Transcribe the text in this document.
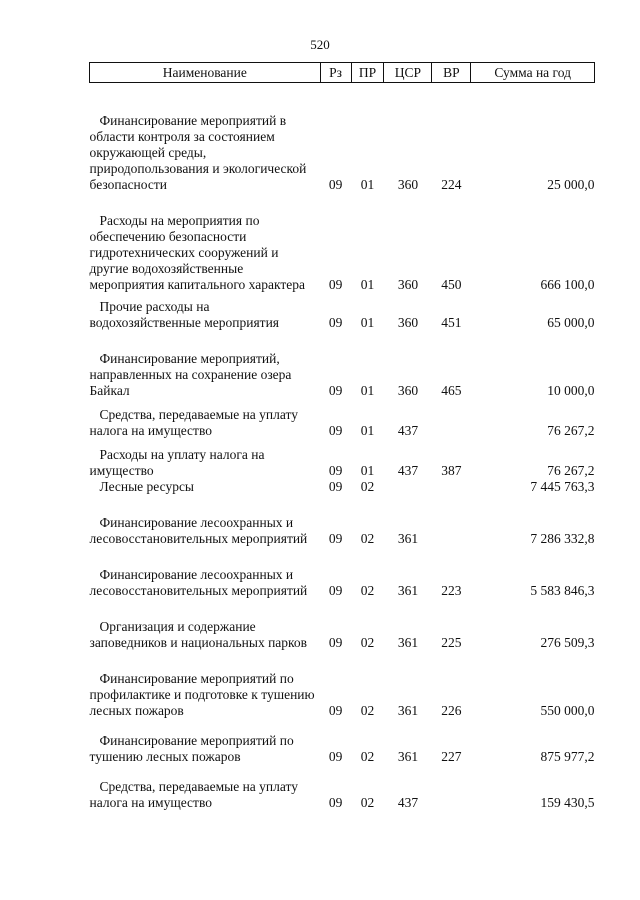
520
Наименование	Рз	ПР	ЦСР	ВР	Сумма на год

Финансирование мероприятий в области контроля за состоянием окружающей среды, природопользования и экологической безопасности	09	01	360	224	25 000,0

Расходы на мероприятия по обеспечению безопасности гидротехнических сооружений и другие водохозяйственные мероприятия капитального характера	09	01	360	450	666 100,0

Прочие расходы на водохозяйственные мероприятия	09	01	360	451	65 000,0

Финансирование мероприятий, направленных на сохранение озера Байкал	09	01	360	465	10 000,0

Средства, передаваемые на уплату налога на имущество	09	01	437		76 267,2

Расходы на уплату налога на имущество	09	01	437	387	76 267,2
Лесные ресурсы	09	02			7 445 763,3

Финансирование лесоохранных и лесовосстановительных мероприятий	09	02	361		7 286 332,8

Финансирование лесоохранных и лесовосстановительных мероприятий	09	02	361	223	5 583 846,3

Организация и содержание заповедников и национальных парков	09	02	361	225	276 509,3

Финансирование мероприятий по профилактике и подготовке к тушению лесных пожаров	09	02	361	226	550 000,0

Финансирование мероприятий по тушению лесных пожаров	09	02	361	227	875 977,2

Средства, передаваемые на уплату налога на имущество	09	02	437		159 430,5
